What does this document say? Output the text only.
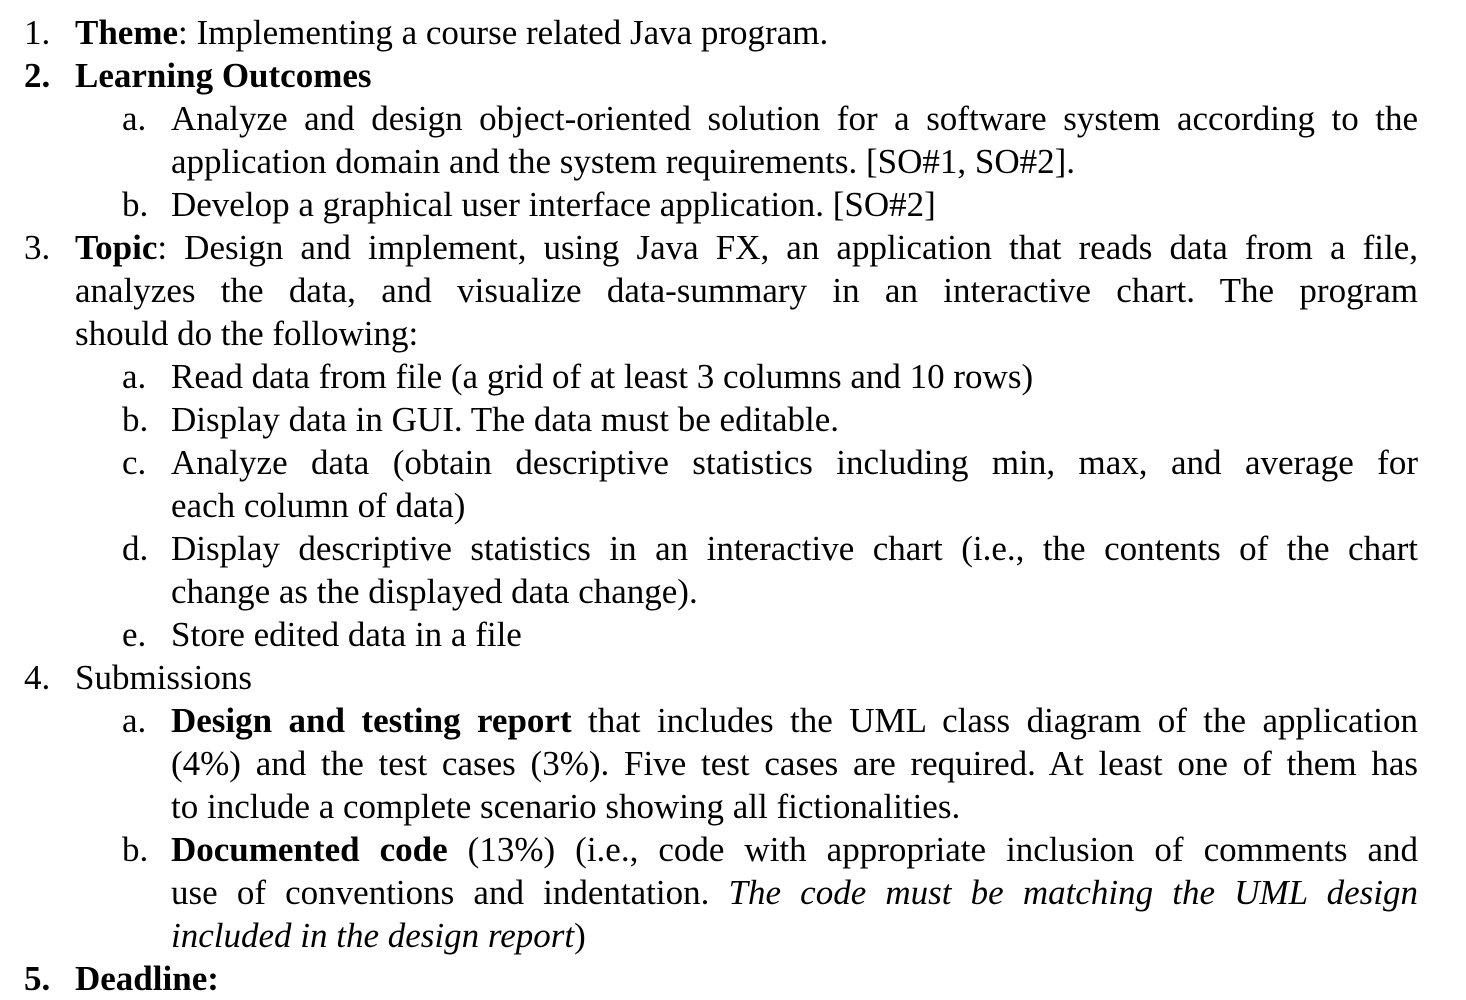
1. Theme: Implementing a course related Java program.
2. Learning Outcomes
a. Analyze and design object-oriented solution for a software system according to the
application domain and the system requirements. [SO#1, SO#2].
b. Develop a graphical user interface application. [SO#2]
3. Topic: Design and implement, using Java FX, an application that reads data from a file,
analyzes the data, and visualize data-summary in an interactive chart. The program
should do the following:
a. Read data from file (a grid of at least 3 columns and 10 rows)
b. Display data in GUI. The data must be editable.
c. Analyze data (obtain descriptive statistics including min, max, and average for
each column of data)
d. Display descriptive statistics in an interactive chart (i.e., the contents of the chart
change as the displayed data change).
e. Store edited data in a file
4. Submissions
a. Design and testing report that includes the UML class diagram of the application
(4%) and the test cases (3%). Five test cases are required. At least one of them has
to include a complete scenario showing all fictionalities.
b. Documented code (13%) (i.e., code with appropriate inclusion of comments and
use of conventions and indentation. The code must be matching the UML design
included in the design report)
5. Deadline:
